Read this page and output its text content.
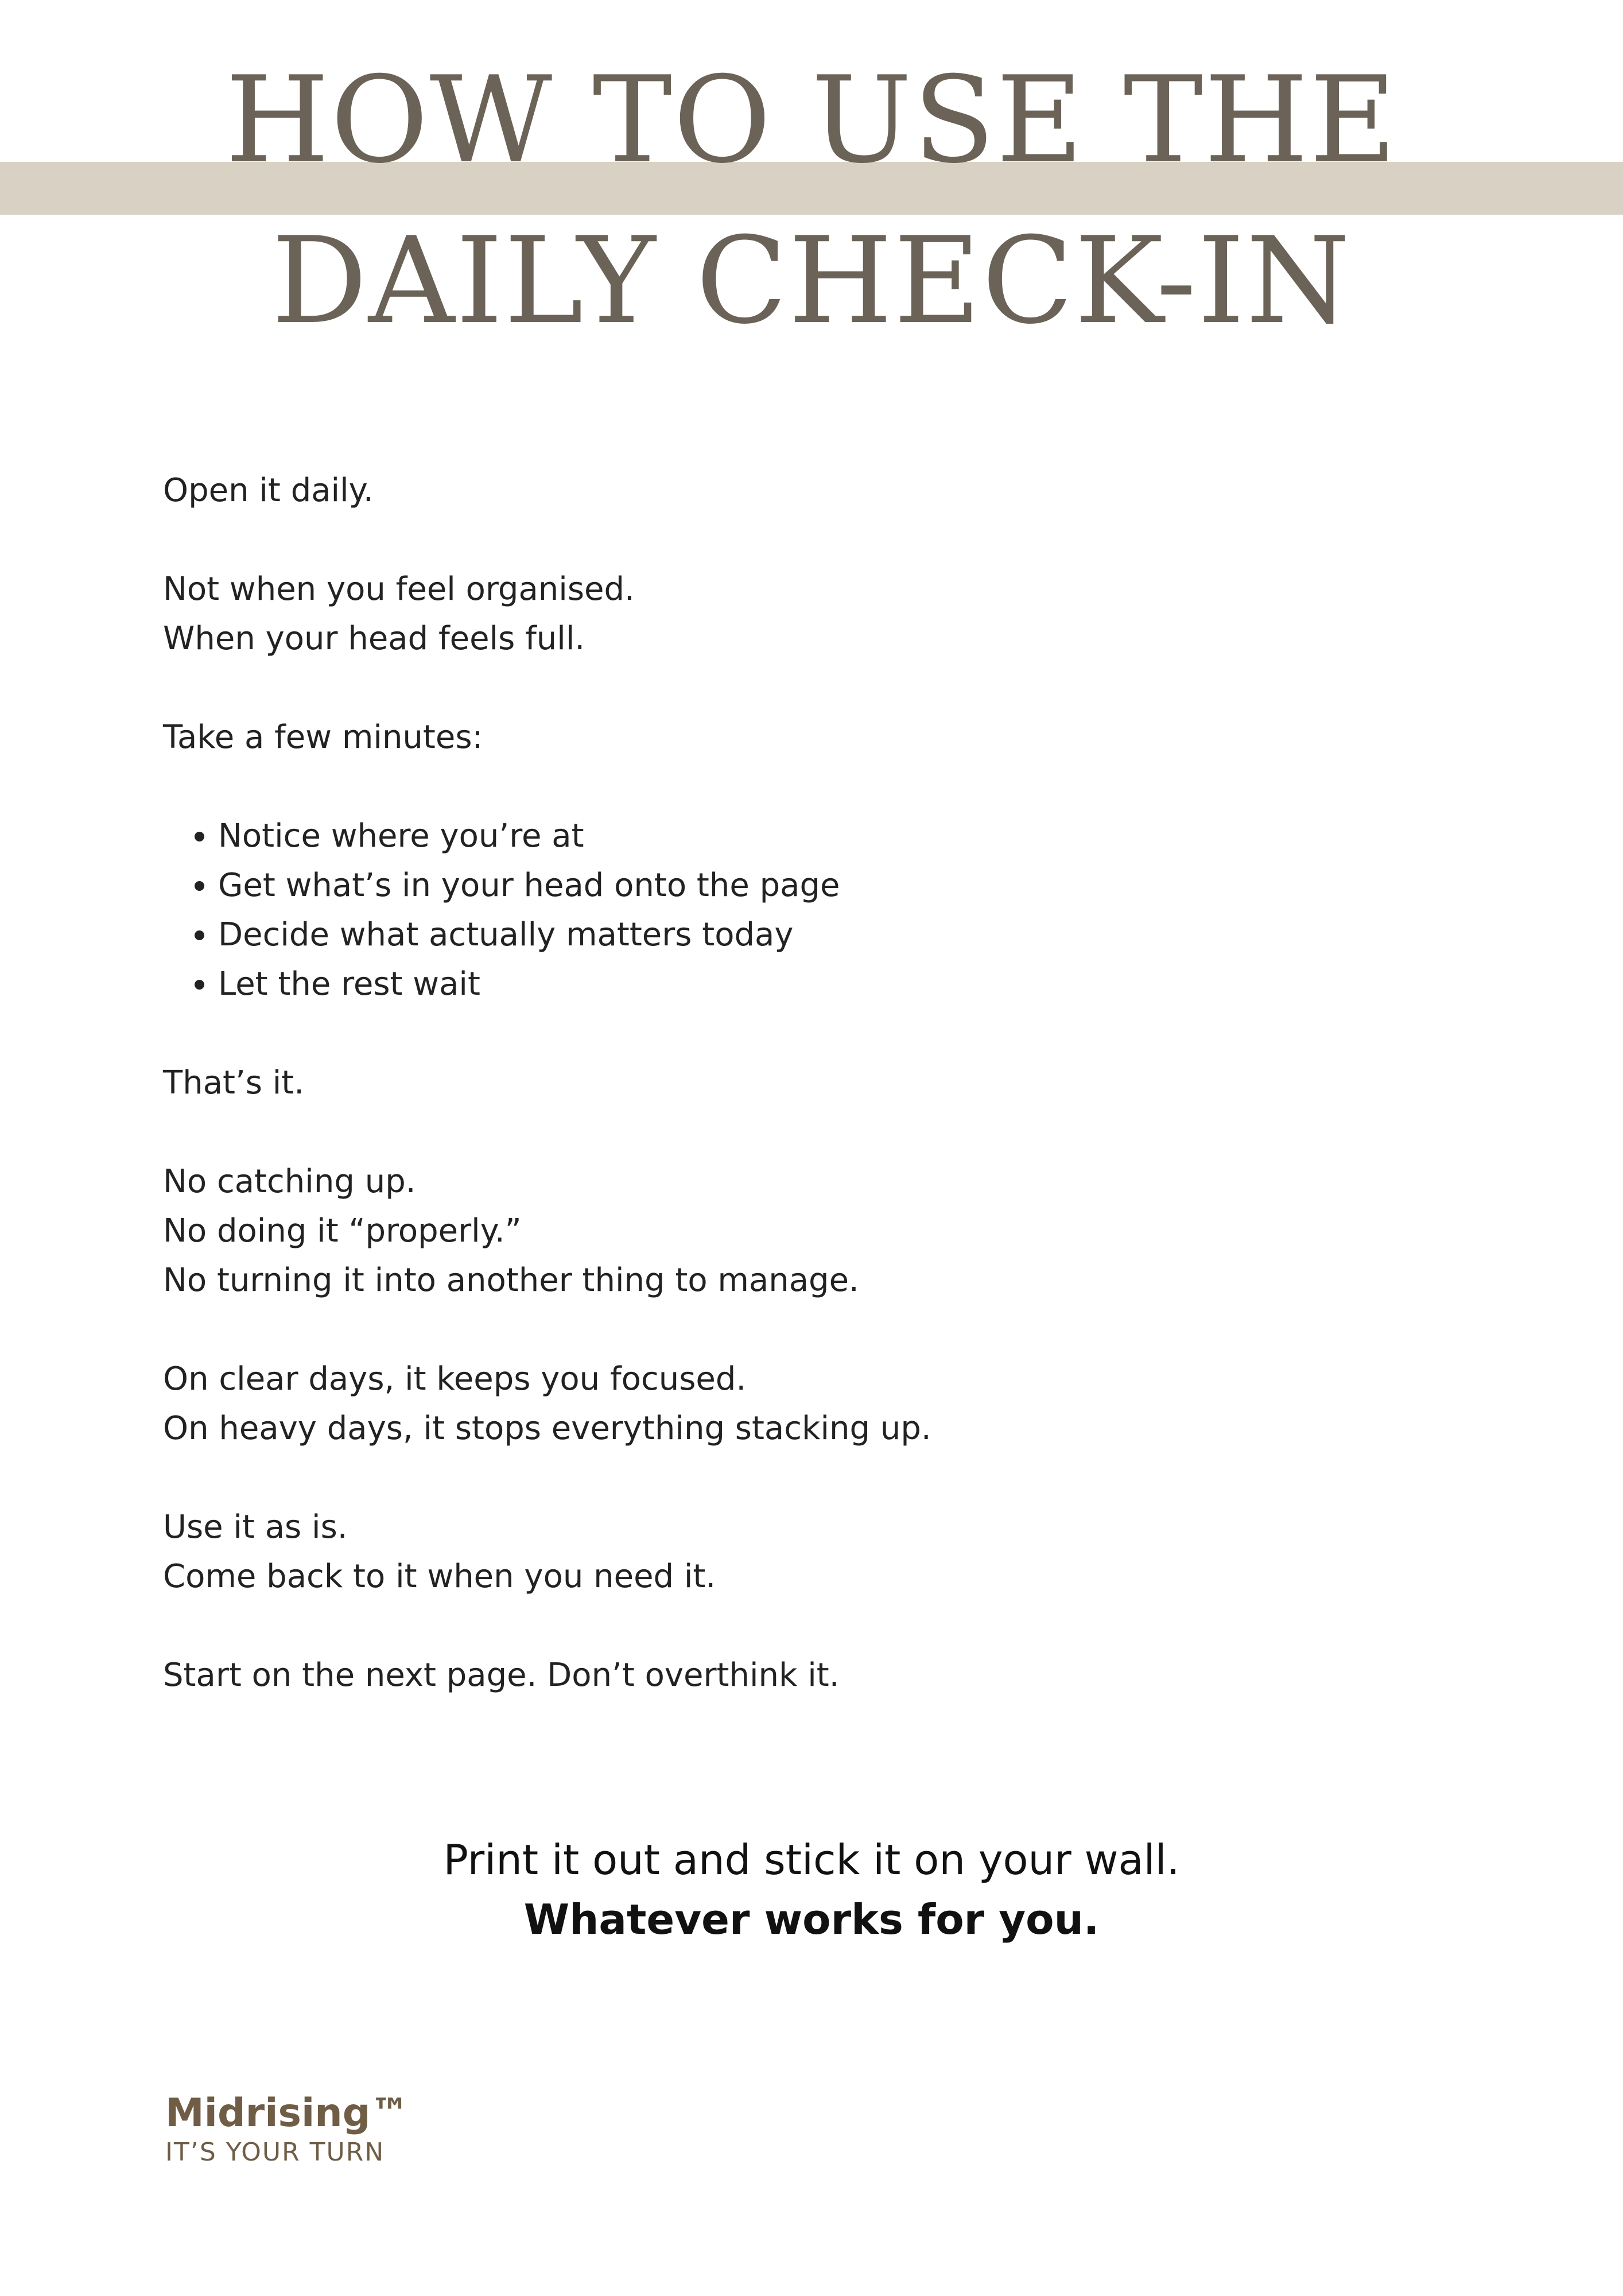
HOW TO USE THE
DAILY CHECK-IN

Open it daily.

Not when you feel organised.

When your head feels full.

Take a few minutes:

• Notice where you’re at
• Get what’s in your head onto the page
• Decide what actually matters today
• Let the rest wait

That’s it.

No catching up.

No doing it “properly.”

No turning it into another thing to manage.

On clear days, it keeps you focused.

On heavy days, it stops everything stacking up.

Use it as is.

Come back to it when you need it.

Start on the next page. Don’t overthink it.

Print it out and stick it on your wall.

Whatever works for you.

Midrising™
IT’S YOUR TURN
